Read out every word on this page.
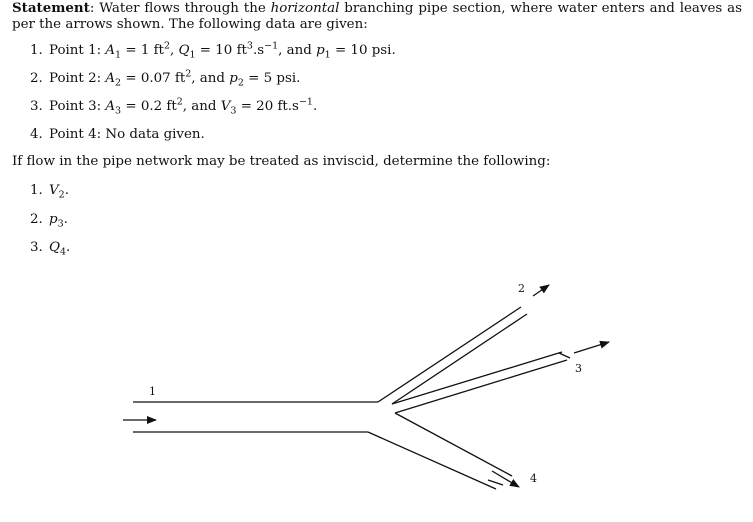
Statement: Water flows through the horizontal branching pipe section, where water enters and leaves as per the arrows shown. The following data are given:
1. Point 1: $A_1 = 1$ $ft^2$, $Q_1 = 10$ $ft^3.s^{-1}$, and $p_1 = 10$ psi.
2. Point 2: $A_2 = 0.07$ $ft^2$, and $p_2 = 5$ psi.
3. Point 3: $A_3 = 0.2$ $ft^2$, and $V_3 = 20$ $ft.s^{-1}$.
4. Point 4: No data given.
If flow in the pipe network may be treated as inviscid, determine the following:
1. $V_2$.
2. $p_3$.
3. $Q_4$.
1
2
3
4
